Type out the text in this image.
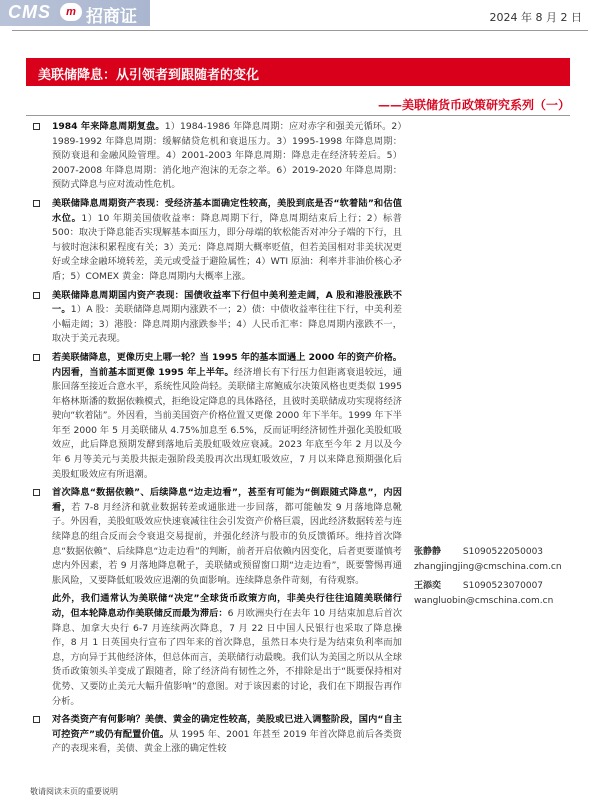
CMS	m 招商证券
2024 年 8 月 2 日
美联储降息：从引领者到跟随者的变化
——美联储货币政策研究系列（一）
1984 年来降息周期复盘。1）1984-1986 年降息周期：应对赤字和强美元循环。2）1989-1992 年降息周期：缓解储贷危机和衰退压力。3）1995-1998 年降息周期：预防衰退和金融风险管理。4）2001-2003 年降息周期：降息走在经济转差后。5）2007-2008 年降息周期：消化地产泡沫的无奈之举。6）2019-2020 年降息周期：预防式降息与应对流动性危机。
美联储降息周期资产表现：受经济基本面确定性较高，美股到底是否“软着陆”和估值水位。1）10 年期美国债收益率：降息周期下行，降息周期结束后上行；2）标普 500：取决于降息能否实现解基本面压力，即分母端的软松能否对冲分子端的下行，且与彼时泡沫积累程度有关；3）美元：降息周期大概率贬值，但若美国相对非美状况更好或全球金融环境转差，美元或受益于避险属性；4）WTI 原油：利率并非油价核心矛盾；5）COMEX 黄金：降息周期内大概率上涨。
美联储降息周期国内资产表现：国债收益率下行但中美利差走阔，A 股和港股涨跌不一。1）A 股：美联储降息周期内涨跌不一；2）债：中债收益率往往下行，中美利差小幅走阔；3）港股：降息周期内涨跌参半；4）人民币汇率：降息周期内涨跌不一，取决于美元表现。
若美联储降息，更像历史上哪一轮？当 1995 年的基本面遇上 2000 年的资产价格。内因看，当前基本面更像 1995 年上半年。经济增长有下行压力但距离衰退较远，通胀回落至接近合意水平，系统性风险尚轻。美联储主席鲍威尔决策风格也更类似 1995 年格林斯潘的数据依赖模式，拒绝设定降息的具体路径，且彼时美联储成功实现将经济驶向“软着陆”。外因看，当前美国资产价格位置又更像 2000 年下半年。1999 年下半年至 2000 年 5 月美联储从 4.75%加息至 6.5%，反而证明经济韧性并强化美股虹吸效应，此后降息预期发酵到落地后美股虹吸效应衰减。2023 年底至今年 2 月以及今年 6 月等美元与美股共振走强阶段美股再次出现虹吸效应，7 月以来降息预期强化后美股虹吸效应有所退潮。
首次降息“数据依赖”、后续降息“边走边看”，甚至有可能为“倒跟随式降息”，内因看，若 7-8 月经济和就业数据转差或通胀进一步回落，都可能触发 9 月落地降息靴子。外因看，美股虹吸效应快速衰减往往会引发资产价格巨震，因此经济数据转差与连续降息的组合反而会令衰退交易提前，并强化经济与股市的负反馈循环。维持首次降息“数据依赖”、后续降息“边走边看”的判断，前者开启依赖内因变化，后者更要谨慎考虑内外因素，若 9 月落地降息靴子，美联储或预留窗口期“边走边看”，既要警惕再通胀风险，又要降低虹吸效应退潮的负面影响。连续降息条件苛刻，有待观察。
此外，我们通常认为美联储“决定”全球货币政策方向，非美央行往往追随美联储行动，但本轮降息动作美联储反而最为滞后：6 月欧洲央行在去年 10 月结束加息后首次降息、加拿大央行 6-7 月连续两次降息，7 月 22 日中国人民银行也采取了降息操作，8 月 1 日英国央行宣布了四年来的首次降息，虽然日本央行是为结束负利率而加息，方向异于其他经济体，但总体而言，美联储行动最晚。我们认为美国之所以从全球货币政策领头羊变成了跟随者，除了经济尚有韧性之外，不排除是出于“既要保持相对优势、又要防止美元大幅升值影响”的意图。对于该因素的讨论，我们在下期报告再作分析。
对各类资产有何影响？美债、黄金的确定性较高，美股或已进入调整阶段，国内“自主可控资产”或仍有配置价值。从 1995 年、2001 年甚至 2019 年首次降息前后各类资产的表现来看，美债、黄金上涨的确定性较
张静静 S1090522050003
zhangjingjing@cmschina.com.cn
王添奕 S1090523070007
wangluobin@cmschina.com.cn
敬请阅读末页的重要说明
